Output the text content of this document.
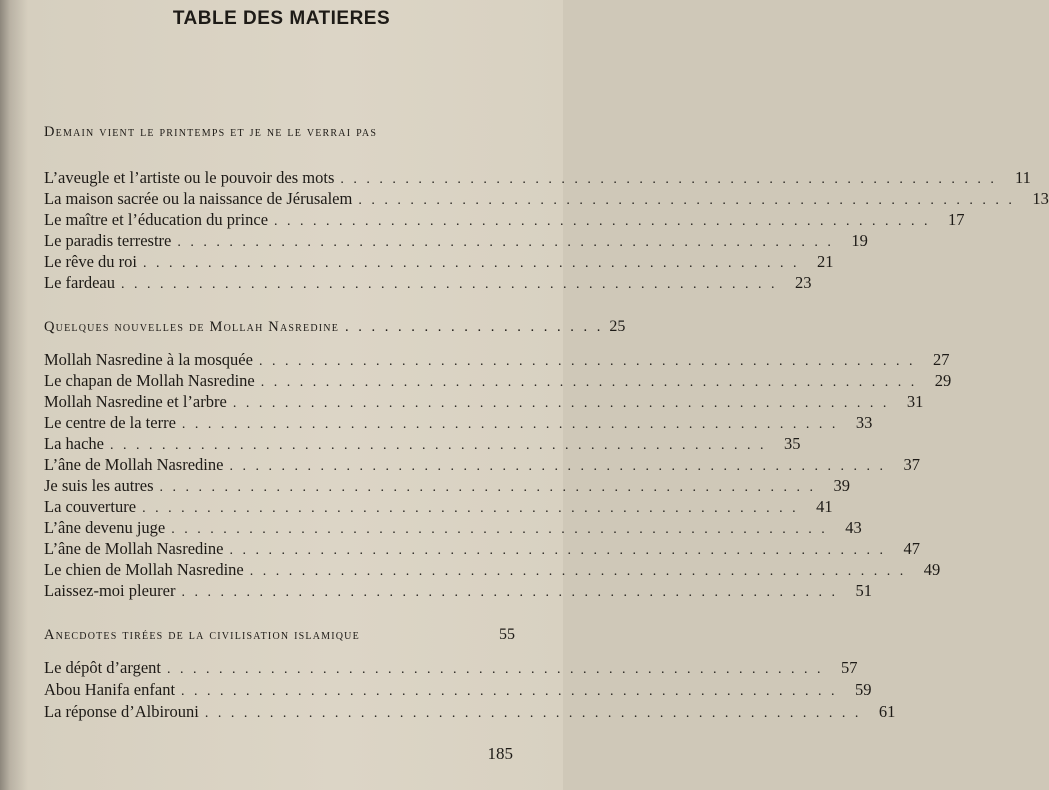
TABLE DES MATIERES
Demain vient le printemps et je ne le verrai pas
L’aveugle et l’artiste ou le pouvoir des mots . . . . . . . . . . . . . . . . . . . . . . . . . . . . . . . . . . . . . . . . . . . . . . . . . . .	11
La maison sacrée ou la naissance de Jérusalem . . . . . . . . . . . . . . . . . . . . . . . . . . . . . . . . . . . . . . . . . . . . . . . . . . .	13
Le maître et l’éducation du prince . . . . . . . . . . . . . . . . . . . . . . . . . . . . . . . . . . . . . . . . . . . . . . . . . . .	17
Le paradis terrestre . . . . . . . . . . . . . . . . . . . . . . . . . . . . . . . . . . . . . . . . . . . . . . . . . . .	19
Le rêve du roi . . . . . . . . . . . . . . . . . . . . . . . . . . . . . . . . . . . . . . . . . . . . . . . . . . .	21
Le fardeau . . . . . . . . . . . . . . . . . . . . . . . . . . . . . . . . . . . . . . . . . . . . . . . . . . .	23
Quelques nouvelles de Mollah Nasredine . . . . . . . . . . . . . . . . . . . . 25
Mollah Nasredine à la mosquée . . . . . . . . . . . . . . . . . . . . . . . . . . . . . . . . . . . . . . . . . . . . . . . . . . .	27
Le chapan de Mollah Nasredine . . . . . . . . . . . . . . . . . . . . . . . . . . . . . . . . . . . . . . . . . . . . . . . . . . .	29
Mollah Nasredine et l’arbre . . . . . . . . . . . . . . . . . . . . . . . . . . . . . . . . . . . . . . . . . . . . . . . . . . .	31
Le centre de la terre . . . . . . . . . . . . . . . . . . . . . . . . . . . . . . . . . . . . . . . . . . . . . . . . . . .	33
La hache . . . . . . . . . . . . . . . . . . . . . . . . . . . . . . . . . . . . . . . . . . . . . . . . . . .	35
L’âne de Mollah Nasredine . . . . . . . . . . . . . . . . . . . . . . . . . . . . . . . . . . . . . . . . . . . . . . . . . . .	37
Je suis les autres . . . . . . . . . . . . . . . . . . . . . . . . . . . . . . . . . . . . . . . . . . . . . . . . . . .	39
La couverture . . . . . . . . . . . . . . . . . . . . . . . . . . . . . . . . . . . . . . . . . . . . . . . . . . .	41
L’âne devenu juge . . . . . . . . . . . . . . . . . . . . . . . . . . . . . . . . . . . . . . . . . . . . . . . . . . .	43
L’âne de Mollah Nasredine . . . . . . . . . . . . . . . . . . . . . . . . . . . . . . . . . . . . . . . . . . . . . . . . . . .	47
Le chien de Mollah Nasredine . . . . . . . . . . . . . . . . . . . . . . . . . . . . . . . . . . . . . . . . . . . . . . . . . . .	49
Laissez-moi pleurer . . . . . . . . . . . . . . . . . . . . . . . . . . . . . . . . . . . . . . . . . . . . . . . . . . .	51
Anecdotes tirées de la civilisation islamique	55
Le dépôt d’argent . . . . . . . . . . . . . . . . . . . . . . . . . . . . . . . . . . . . . . . . . . . . . . . . . . .	57
Abou Hanifa enfant . . . . . . . . . . . . . . . . . . . . . . . . . . . . . . . . . . . . . . . . . . . . . . . . . . .	59
La réponse d’Albirouni . . . . . . . . . . . . . . . . . . . . . . . . . . . . . . . . . . . . . . . . . . . . . . . . . . .	61
185
